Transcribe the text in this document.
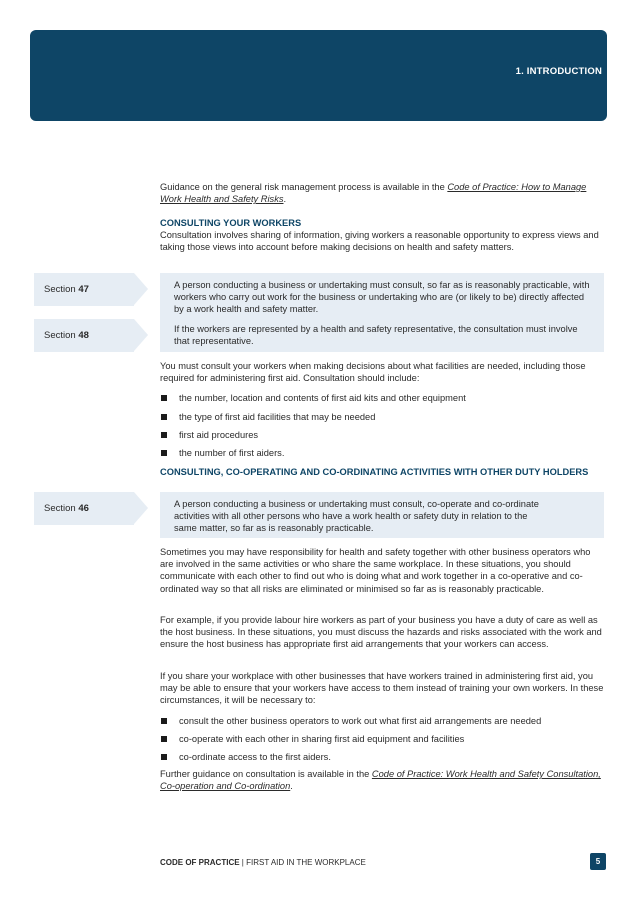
1. INTRODUCTION

Guidance on the general risk management process is available in the Code of Practice: How to Manage Work Health and Safety Risks.

CONSULTING YOUR WORKERS

Consultation involves sharing of information, giving workers a reasonable opportunity to express views and taking those views into account before making decisions on health and safety matters.

Section 47
Section 48

A person conducting a business or undertaking must consult, so far as is reasonably practicable, with workers who carry out work for the business or undertaking who are (or likely to be) directly affected by a work health and safety matter.

If the workers are represented by a health and safety representative, the consultation must involve that representative.

You must consult your workers when making decisions about what facilities are needed, including those required for administering first aid. Consultation should include:

the number, location and contents of first aid kits and other equipment
the type of first aid facilities that may be needed
first aid procedures
the number of first aiders.

CONSULTING, CO-OPERATING AND CO-ORDINATING ACTIVITIES WITH OTHER DUTY HOLDERS

Section 46	A person conducting a business or undertaking must consult, co-operate and co-ordinate activities with all other persons who have a work health or safety duty in relation to the same matter, so far as is reasonably practicable.

Sometimes you may have responsibility for health and safety together with other business operators who are involved in the same activities or who share the same workplace. In these situations, you should communicate with each other to find out who is doing what and work together in a co-operative and co-ordinated way so that all risks are eliminated or minimised so far as is reasonably practicable.

For example, if you provide labour hire workers as part of your business you have a duty of care as well as the host business. In these situations, you must discuss the hazards and risks associated with the work and ensure the host business has appropriate first aid arrangements that your workers can access.

If you share your workplace with other businesses that have workers trained in administering first aid, you may be able to ensure that your workers have access to them instead of training your own workers. In these circumstances, it will be necessary to:

consult the other business operators to work out what first aid arrangements are needed
co-operate with each other in sharing first aid equipment and facilities
co-ordinate access to the first aiders.

Further guidance on consultation is available in the Code of Practice: Work Health and Safety Consultation, Co-operation and Co-ordination.

CODE OF PRACTICE | FIRST AID IN THE WORKPLACE	5
